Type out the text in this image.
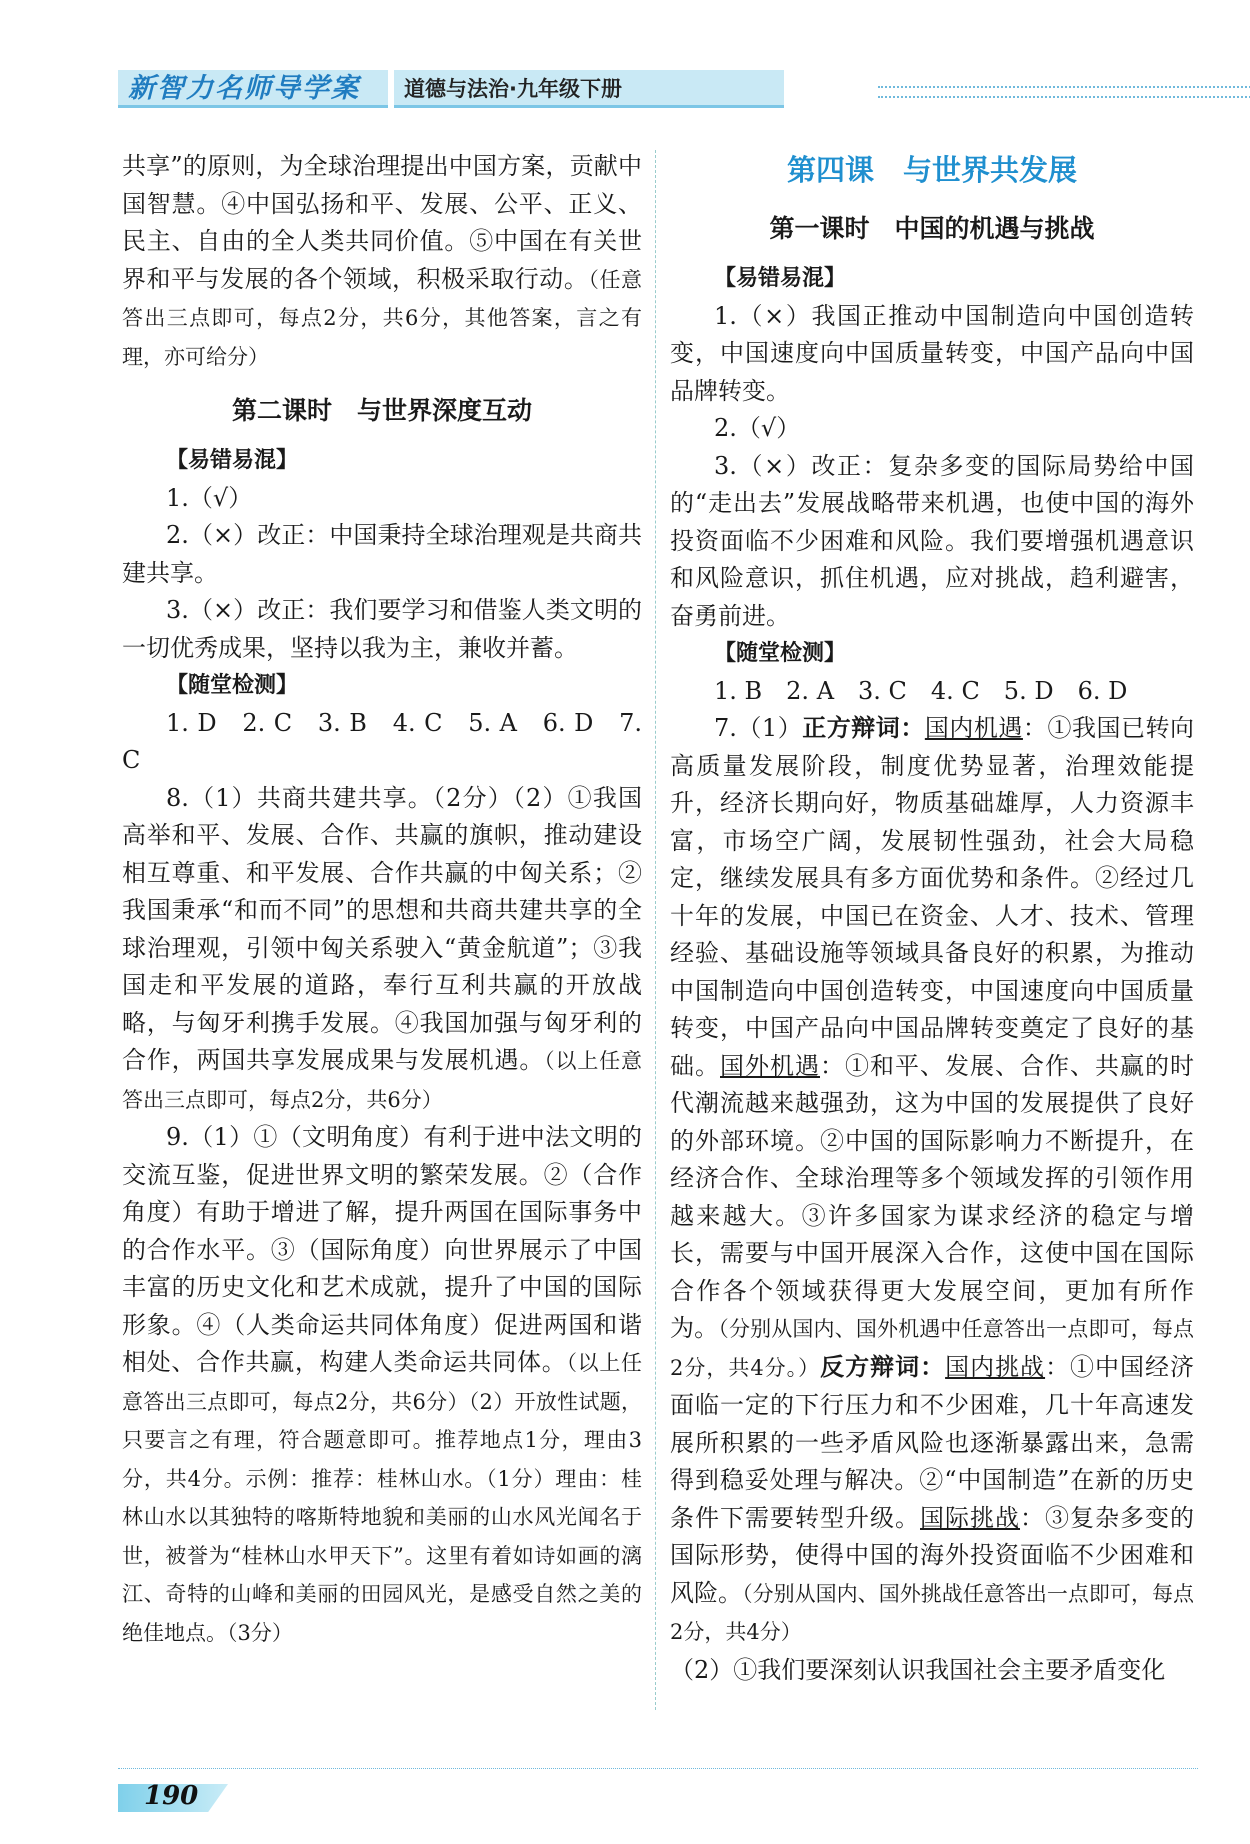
新智力名师导学案	道德与法治·九年级下册

共享”的原则，为全球治理提出中国方案，贡献中国智慧。④中国弘扬和平、发展、公平、正义、民主、自由的全人类共同价值。⑤中国在有关世界和平与发展的各个领域，积极采取行动。（任意答出三点即可，每点2分，共6分，其他答案，言之有理，亦可给分）

第二课时　与世界深度互动
【易错易混】

1.（√）

2.（×）改正：中国秉持全球治理观是共商共建共享。

3.（×）改正：我们要学习和借鉴人类文明的一切优秀成果，坚持以我为主，兼收并蓄。

【随堂检测】

1. D　2. C　3. B　4. C　5. A　6. D　7. C

8.（1）共商共建共享。（2分）（2）①我国高举和平、发展、合作、共赢的旗帜，推动建设相互尊重、和平发展、合作共赢的中匈关系；②我国秉承“和而不同”的思想和共商共建共享的全球治理观，引领中匈关系驶入“黄金航道”；③我国走和平发展的道路，奉行互利共赢的开放战略，与匈牙利携手发展。④我国加强与匈牙利的合作，两国共享发展成果与发展机遇。（以上任意答出三点即可，每点2分，共6分）

9.（1）①（文明角度）有利于进中法文明的交流互鉴，促进世界文明的繁荣发展。②（合作角度）有助于增进了解，提升两国在国际事务中的合作水平。③（国际角度）向世界展示了中国丰富的历史文化和艺术成就，提升了中国的国际形象。④（人类命运共同体角度）促进两国和谐相处、合作共赢，构建人类命运共同体。（以上任意答出三点即可，每点2分，共6分）（2）开放性试题，只要言之有理，符合题意即可。推荐地点1分，理由3分，共4分。示例：推荐：桂林山水。（1分）理由：桂林山水以其独特的喀斯特地貌和美丽的山水风光闻名于世，被誉为“桂林山水甲天下”。这里有着如诗如画的漓江、奇特的山峰和美丽的田园风光，是感受自然之美的绝佳地点。（3分）

第四课　与世界共发展
第一课时　中国的机遇与挑战
【易错易混】

1.（×）我国正推动中国制造向中国创造转变，中国速度向中国质量转变，中国产品向中国品牌转变。

2.（√）

3.（×）改正：复杂多变的国际局势给中国的“走出去”发展战略带来机遇，也使中国的海外投资面临不少困难和风险。我们要增强机遇意识和风险意识，抓住机遇，应对挑战，趋利避害，奋勇前进。

【随堂检测】

1. B　2. A　3. C　4. C　5. D　6. D

7.（1）正方辩词：国内机遇：①我国已转向高质量发展阶段，制度优势显著，治理效能提升，经济长期向好，物质基础雄厚，人力资源丰富，市场空广阔，发展韧性强劲，社会大局稳定，继续发展具有多方面优势和条件。②经过几十年的发展，中国已在资金、人才、技术、管理经验、基础设施等领域具备良好的积累，为推动中国制造向中国创造转变，中国速度向中国质量转变，中国产品向中国品牌转变奠定了良好的基础。国外机遇：①和平、发展、合作、共赢的时代潮流越来越强劲，这为中国的发展提供了良好的外部环境。②中国的国际影响力不断提升，在经济合作、全球治理等多个领域发挥的引领作用越来越大。③许多国家为谋求经济的稳定与增长，需要与中国开展深入合作，这使中国在国际合作各个领域获得更大发展空间，更加有所作为。（分别从国内、国外机遇中任意答出一点即可，每点2分，共4分。）反方辩词：国内挑战：①中国经济面临一定的下行压力和不少困难，几十年高速发展所积累的一些矛盾风险也逐渐暴露出来，急需得到稳妥处理与解决。②“中国制造”在新的历史条件下需要转型升级。国际挑战：③复杂多变的国际形势，使得中国的海外投资面临不少困难和风险。（分别从国内、国外挑战任意答出一点即可，每点2分，共4分）

（2）①我们要深刻认识我国社会主要矛盾变化

190
